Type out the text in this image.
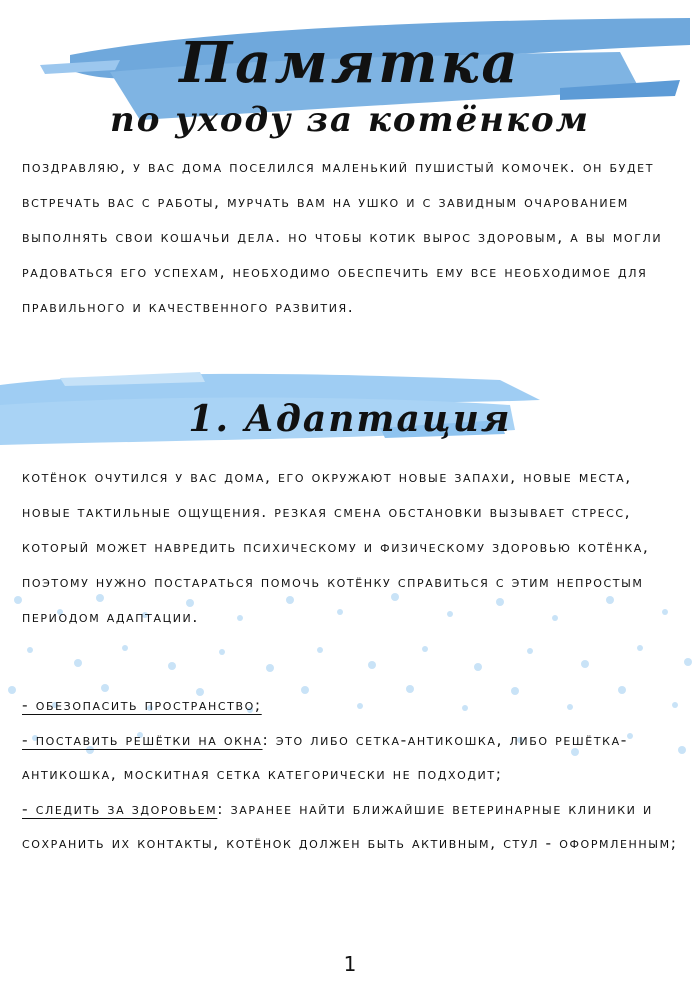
Памятка
по уходу за котёнком

поздравляю, у вас дома поселился маленький пушистый комочек. он будет встречать вас с работы, мурчать вам на ушко и с завидным очарованием выполнять свои кошачьи дела. но чтобы котик вырос здоровым, а вы могли радоваться его успехам, необходимо обеспечить ему все необходимое для правильного и качественного развития.

1. Адаптация

котёнок очутился у вас дома, его окружают новые запахи, новые места, новые тактильные ощущения. резкая смена обстановки вызывает стресс, который может навредить психическому и физическому здоровью котёнка, поэтому нужно постараться помочь котёнку справиться с этим непростым периодом адаптации.

- обезопасить пространство;
- поставить решётки на окна: это либо сетка-антикошка, либо решётка-антикошка, москитная сетка категорически не подходит;
- следить за здоровьем: заранее найти ближайшие ветеринарные клиники и сохранить их контакты, котёнок должен быть активным, стул - оформленным;
1
